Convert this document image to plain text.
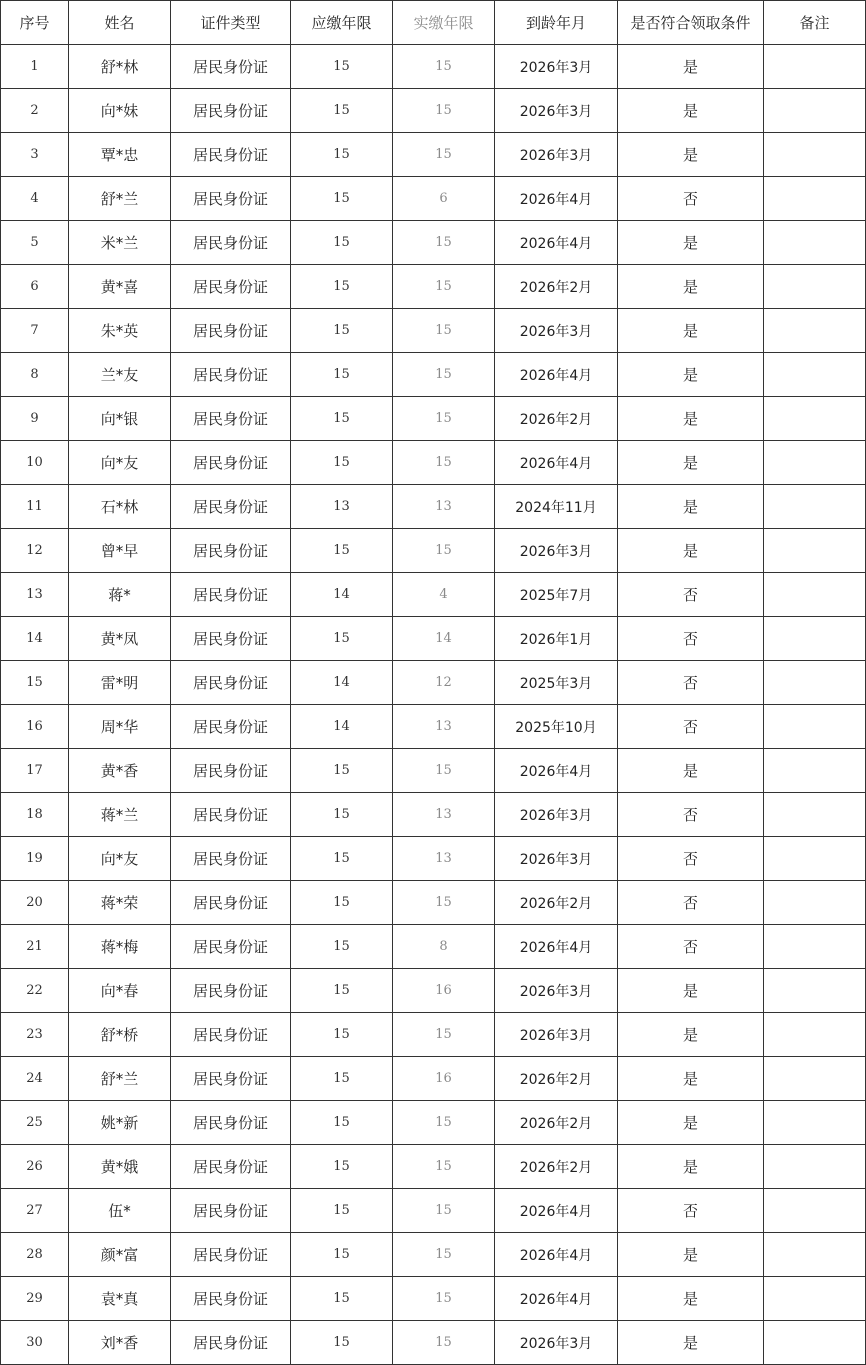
序号	姓名	证件类型	应缴年限	实缴年限	到龄年月	是否符合领取条件	备注
1	舒*林	居民身份证	15	15	2026年3月	是	
2	向*妹	居民身份证	15	15	2026年3月	是	
3	覃*忠	居民身份证	15	15	2026年3月	是	
4	舒*兰	居民身份证	15	6	2026年4月	否	
5	米*兰	居民身份证	15	15	2026年4月	是	
6	黄*喜	居民身份证	15	15	2026年2月	是	
7	朱*英	居民身份证	15	15	2026年3月	是	
8	兰*友	居民身份证	15	15	2026年4月	是	
9	向*银	居民身份证	15	15	2026年2月	是	
10	向*友	居民身份证	15	15	2026年4月	是	
11	石*林	居民身份证	13	13	2024年11月	是	
12	曾*早	居民身份证	15	15	2026年3月	是	
13	蒋*	居民身份证	14	4	2025年7月	否	
14	黄*凤	居民身份证	15	14	2026年1月	否	
15	雷*明	居民身份证	14	12	2025年3月	否	
16	周*华	居民身份证	14	13	2025年10月	否	
17	黄*香	居民身份证	15	15	2026年4月	是	
18	蒋*兰	居民身份证	15	13	2026年3月	否	
19	向*友	居民身份证	15	13	2026年3月	否	
20	蒋*荣	居民身份证	15	15	2026年2月	否	
21	蒋*梅	居民身份证	15	8	2026年4月	否	
22	向*春	居民身份证	15	16	2026年3月	是	
23	舒*桥	居民身份证	15	15	2026年3月	是	
24	舒*兰	居民身份证	15	16	2026年2月	是	
25	姚*新	居民身份证	15	15	2026年2月	是	
26	黄*娥	居民身份证	15	15	2026年2月	是	
27	伍*	居民身份证	15	15	2026年4月	否	
28	颜*富	居民身份证	15	15	2026年4月	是	
29	袁*真	居民身份证	15	15	2026年4月	是	
30	刘*香	居民身份证	15	15	2026年3月	是	
